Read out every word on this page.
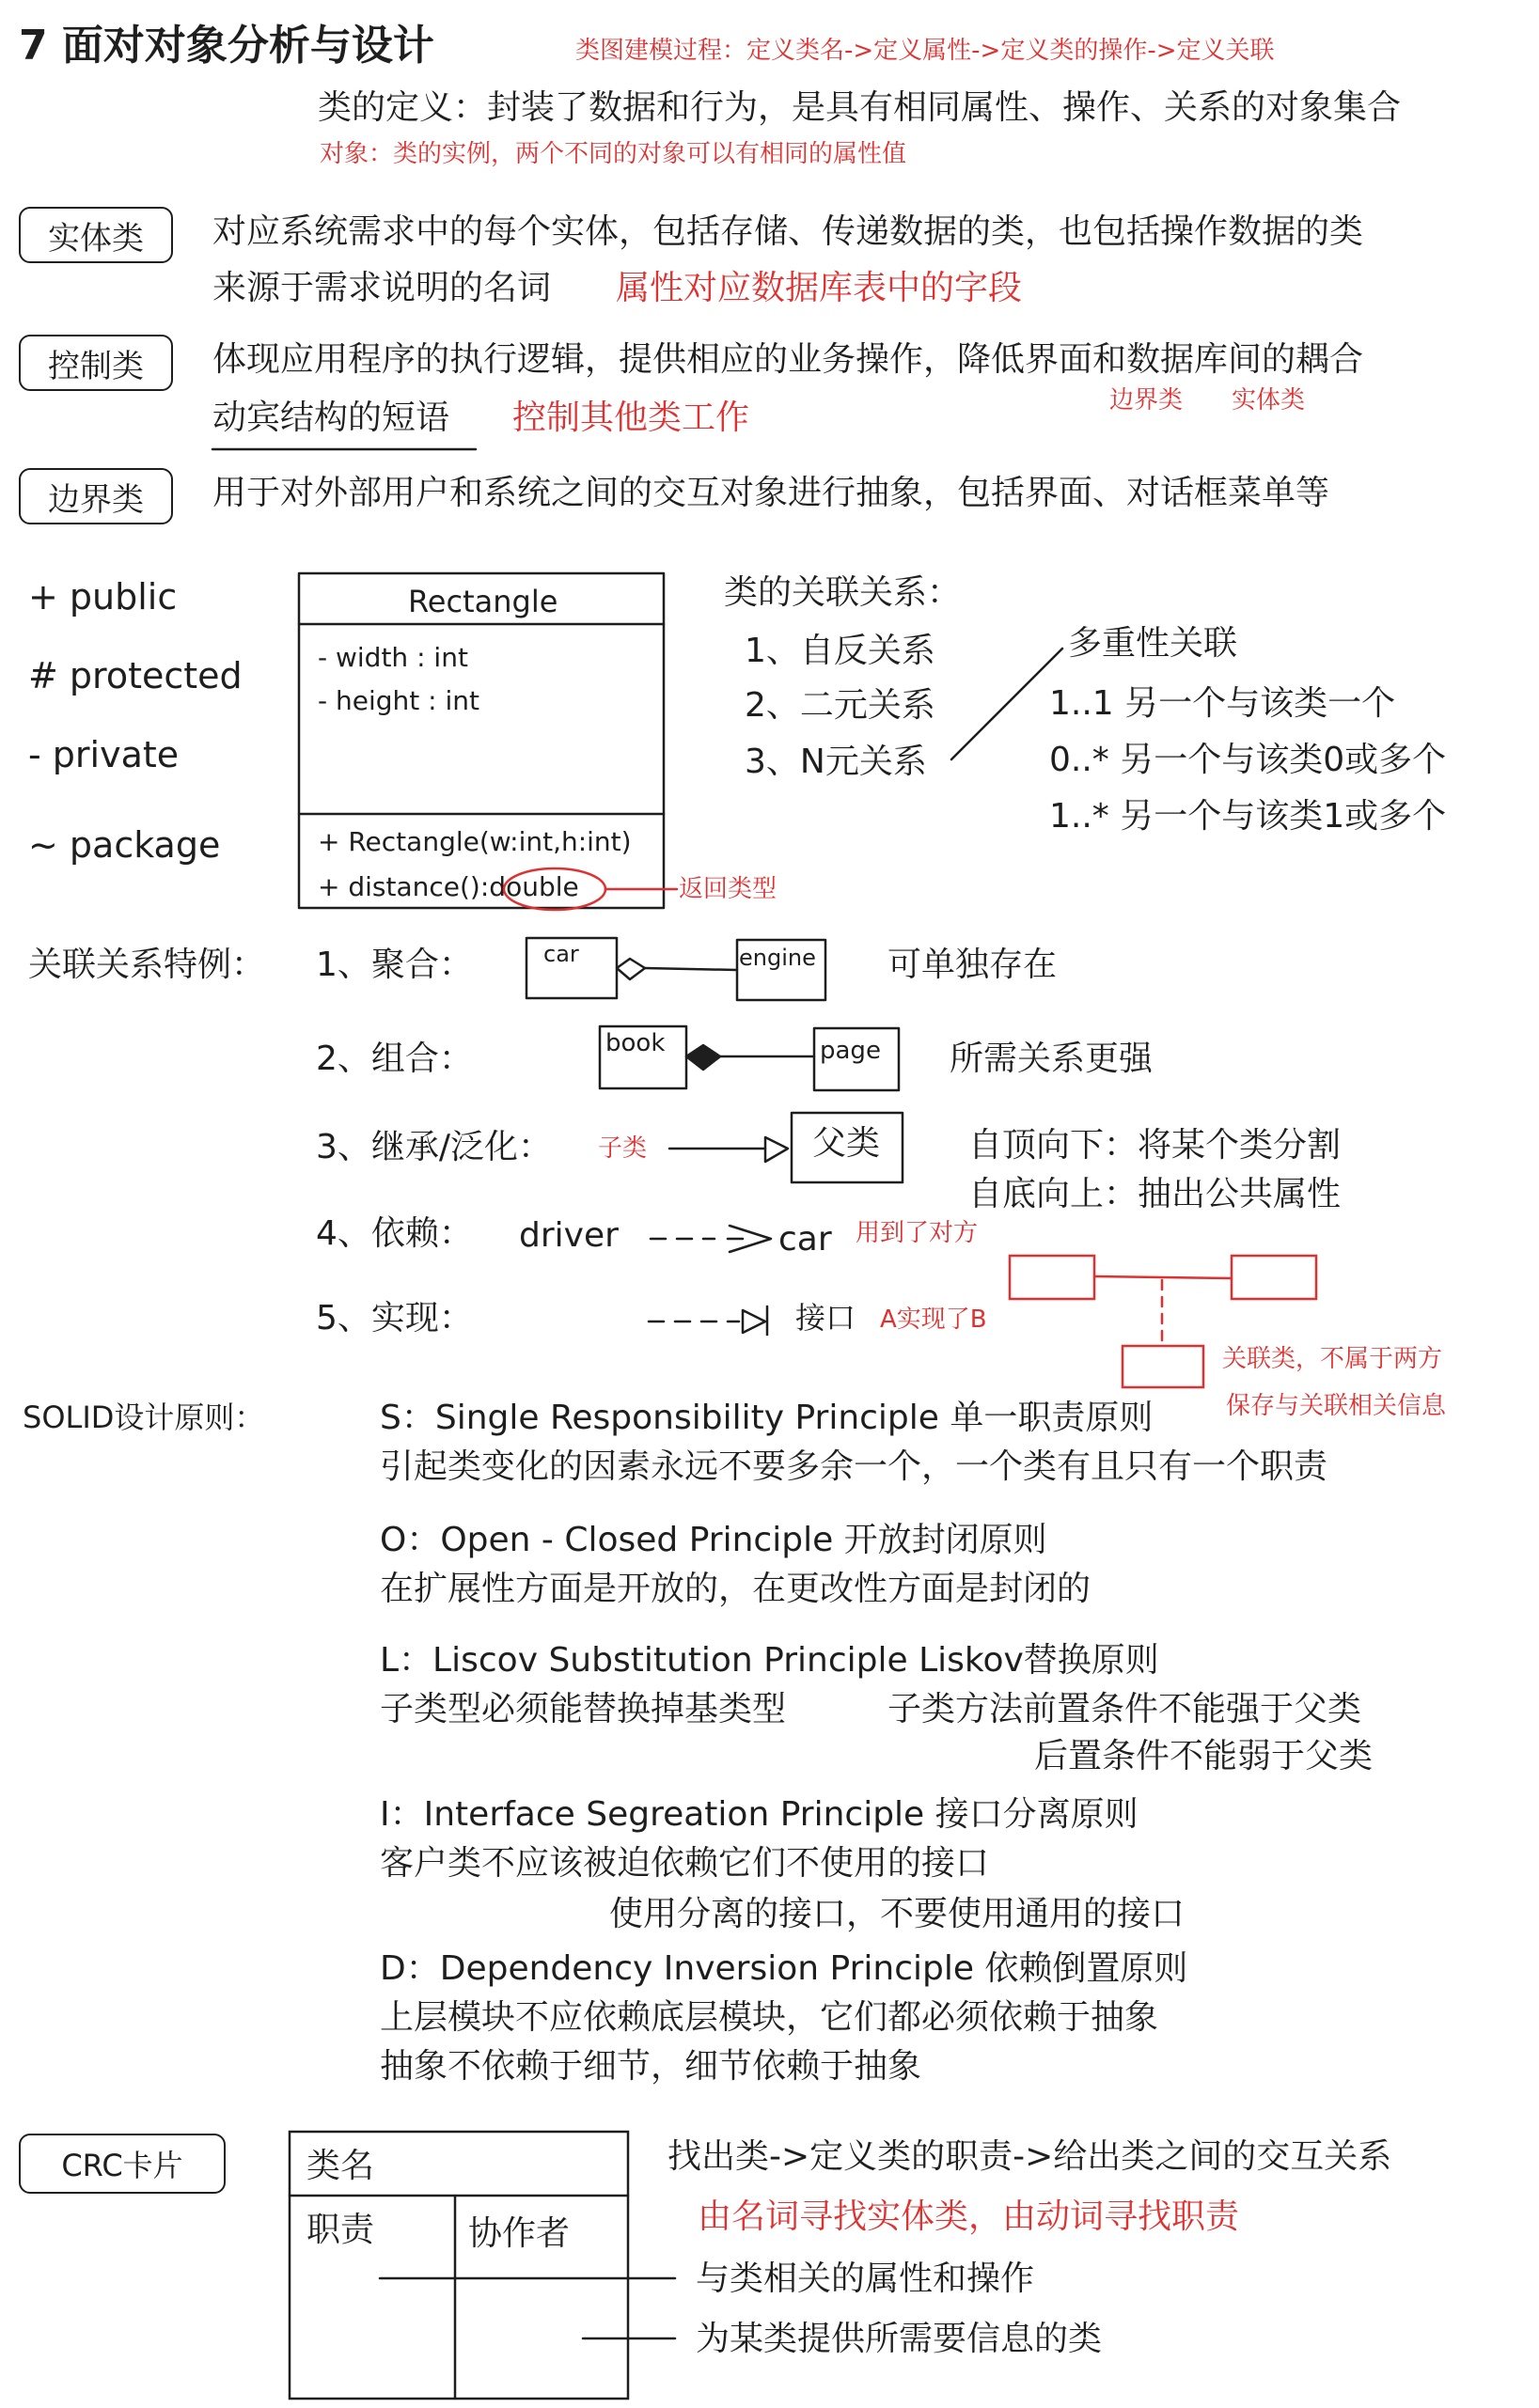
7 面对对象分析与设计	类图建模过程：定义类名->定义属性->定义类的操作->定义关联
类的定义：封装了数据和行为，是具有相同属性、操作、关系的对象集合
对象：类的实例，两个不同的对象可以有相同的属性值
实体类	对应系统需求中的每个实体，包括存储、传递数据的类，也包括操作数据的类
来源于需求说明的名词 属性对应数据库表中的字段
控制类	体现应用程序的执行逻辑，提供相应的业务操作，降低界面和数据库间的耦合
动宾结构的短语 控制其他类工作	边界类 实体类
边界类	用于对外部用户和系统之间的交互对象进行抽象，包括界面、对话框菜单等
+ public
# protected
- private
~ package
Rectangle
- width : int
- height : int
+ Rectangle(w:int,h:int)
+ distance():double	返回类型
类的关联关系：
1、自反关系
2、二元关系
3、N元关系
多重性关联
1..1 另一个与该类一个
0..* 另一个与该类0或多个
1..* 另一个与该类1或多个
关联关系特例： 1、聚合：	car	engine 可单独存在
2、组合：	book	page 所需关系更强
3、继承/泛化： 子类	父类	自顶向下：将某个类分割
自底向上：抽出公共属性
4、依赖： driver	car 用到了对方
5、实现：	接口 A实现了B
关联类，不属于两方
保存与关联相关信息
SOLID设计原则：	S：Single Responsibility Principle 单一职责原则
引起类变化的因素永远不要多余一个，一个类有且只有一个职责
O：Open - Closed Principle 开放封闭原则
在扩展性方面是开放的，在更改性方面是封闭的
L：Liscov Substitution Principle Liskov替换原则
子类型必须能替换掉基类型	子类方法前置条件不能强于父类
后置条件不能弱于父类
I：Interface Segreation Principle 接口分离原则
客户类不应该被迫依赖它们不使用的接口
使用分离的接口，不要使用通用的接口
D：Dependency Inversion Principle 依赖倒置原则
上层模块不应依赖底层模块，它们都必须依赖于抽象
抽象不依赖于细节，细节依赖于抽象
CRC卡片	类名
职责	协作者
找出类->定义类的职责->给出类之间的交互关系
由名词寻找实体类，由动词寻找职责
与类相关的属性和操作
为某类提供所需要信息的类
